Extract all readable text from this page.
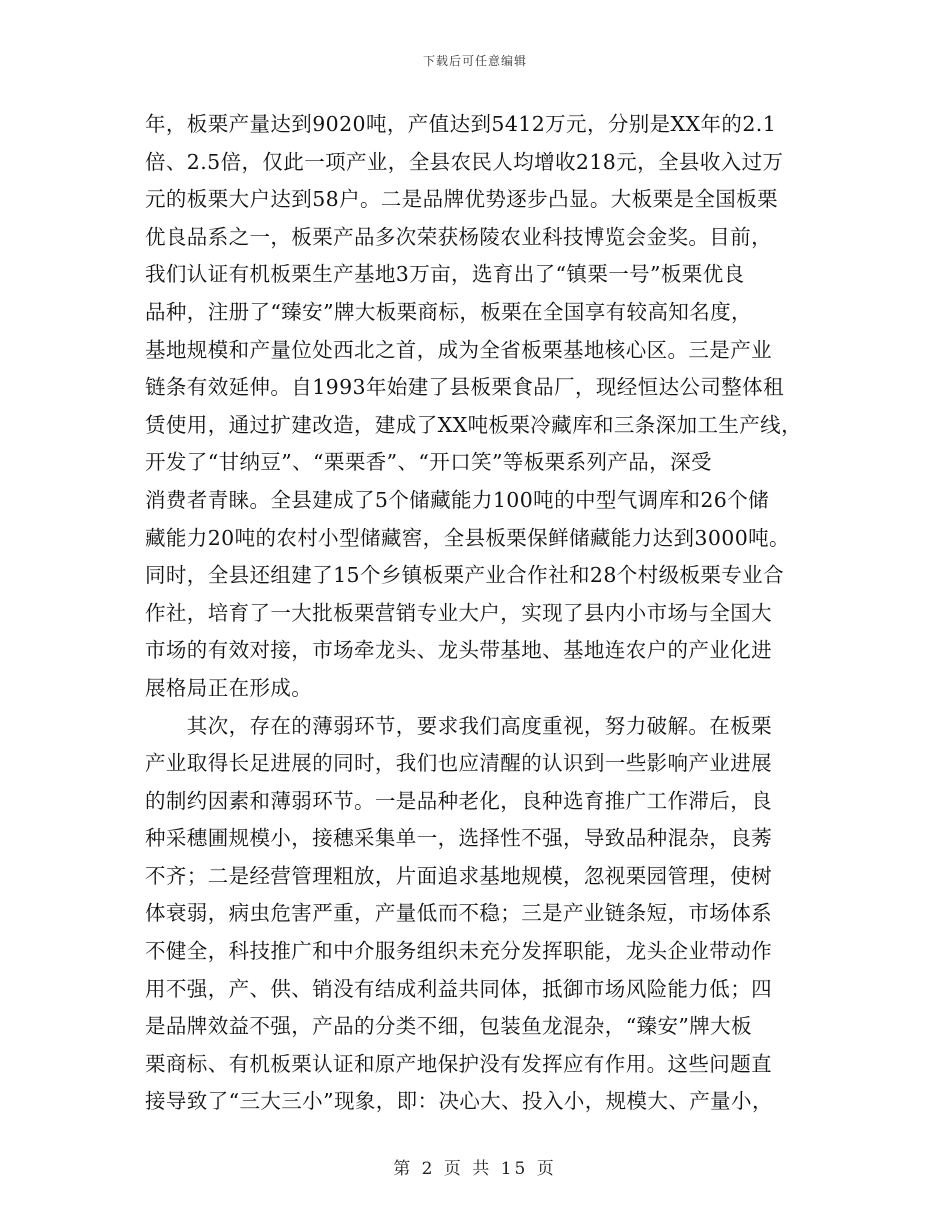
下载后可任意编辑
年，板栗产量达到9020吨，产值达到5412万元，分别是XX年的2.1
倍、2.5倍，仅此一项产业，全县农民人均增收218元，全县收入过万
元的板栗大户达到58户。二是品牌优势逐步凸显。大板栗是全国板栗
优良品系之一，板栗产品多次荣获杨陵农业科技博览会金奖。目前，
我们认证有机板栗生产基地3万亩，选育出了“镇栗一号”板栗优良
品种，注册了“臻安”牌大板栗商标，板栗在全国享有较高知名度，
基地规模和产量位处西北之首，成为全省板栗基地核心区。三是产业
链条有效延伸。自1993年始建了县板栗食品厂，现经恒达公司整体租
赁使用，通过扩建改造，建成了XX吨板栗冷藏库和三条深加工生产线，
开发了“甘纳豆”、“栗栗香”、“开口笑”等板栗系列产品，深受
消费者青睐。全县建成了5个储藏能力100吨的中型气调库和26个储
藏能力20吨的农村小型储藏窖，全县板栗保鲜储藏能力达到3000吨。
同时，全县还组建了15个乡镇板栗产业合作社和28个村级板栗专业合
作社，培育了一大批板栗营销专业大户，实现了县内小市场与全国大
市场的有效对接，市场牵龙头、龙头带基地、基地连农户的产业化进
展格局正在形成。
　　其次，存在的薄弱环节，要求我们高度重视，努力破解。在板栗
产业取得长足进展的同时，我们也应清醒的认识到一些影响产业进展
的制约因素和薄弱环节。一是品种老化，良种选育推广工作滞后，良
种采穗圃规模小，接穗采集单一，选择性不强，导致品种混杂，良莠
不齐；二是经营管理粗放，片面追求基地规模，忽视栗园管理，使树
体衰弱，病虫危害严重，产量低而不稳；三是产业链条短，市场体系
不健全，科技推广和中介服务组织未充分发挥职能，龙头企业带动作
用不强，产、供、销没有结成利益共同体，抵御市场风险能力低；四
是品牌效益不强，产品的分类不细，包装鱼龙混杂，“臻安”牌大板
栗商标、有机板栗认证和原产地保护没有发挥应有作用。这些问题直
接导致了“三大三小”现象，即：决心大、投入小，规模大、产量小，
第 2 页 共 15 页
